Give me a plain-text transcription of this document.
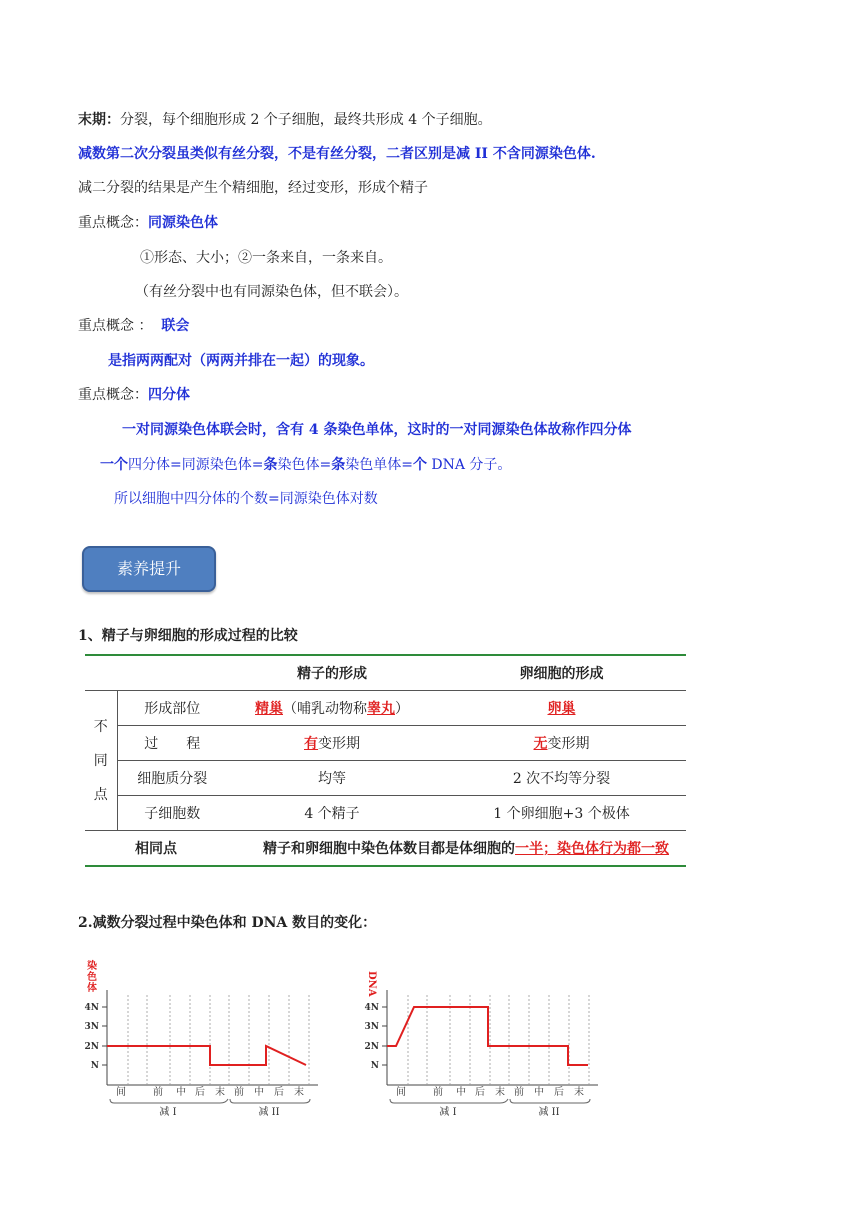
末期：分裂，每个细胞形成 2 个子细胞，最终共形成 4 个子细胞。
减数第二次分裂虽类似有丝分裂，不是有丝分裂，二者区别是减 II 不含同源染色体.
减二分裂的结果是产生个精细胞，经过变形，形成个精子
重点概念：同源染色体
①形态、大小；②一条来自，一条来自。
（有丝分裂中也有同源染色体，但不联会）。
重点概念 ： 联会
是指两两配对（两两并排在一起）的现象。
重点概念：四分体
一对同源染色体联会时，含有 4 条染色单体，这时的一对同源染色体故称作四分体
一个四分体=同源染色体=条染色体=条染色单体=个 DNA 分子。
所以细胞中四分体的个数=同源染色体对数
素养提升
1、精子与卵细胞的形成过程的比较
		精子的形成	卵细胞的形成

不
同
点	形成部位	精巢（哺乳动物称睾丸）	卵巢
	过　　程	有变形期	无变形期
	细胞质分裂	均等	2 次不均等分裂
	子细胞数	4 个精子	1 个卵细胞+3 个极体
相同点		精子和卵细胞中染色体数目都是体细胞的一半；染色体行为都一致	
2.减数分裂过程中染色体和 DNA 数目的变化：
染
色
体
4N
3N
2N
N
间	前 中 后 末 前 中 后 末
减 I	减 II
DNA
4N
3N
2N
N
间	前 中 后 末 前 中 后 末
减 I	减 II
